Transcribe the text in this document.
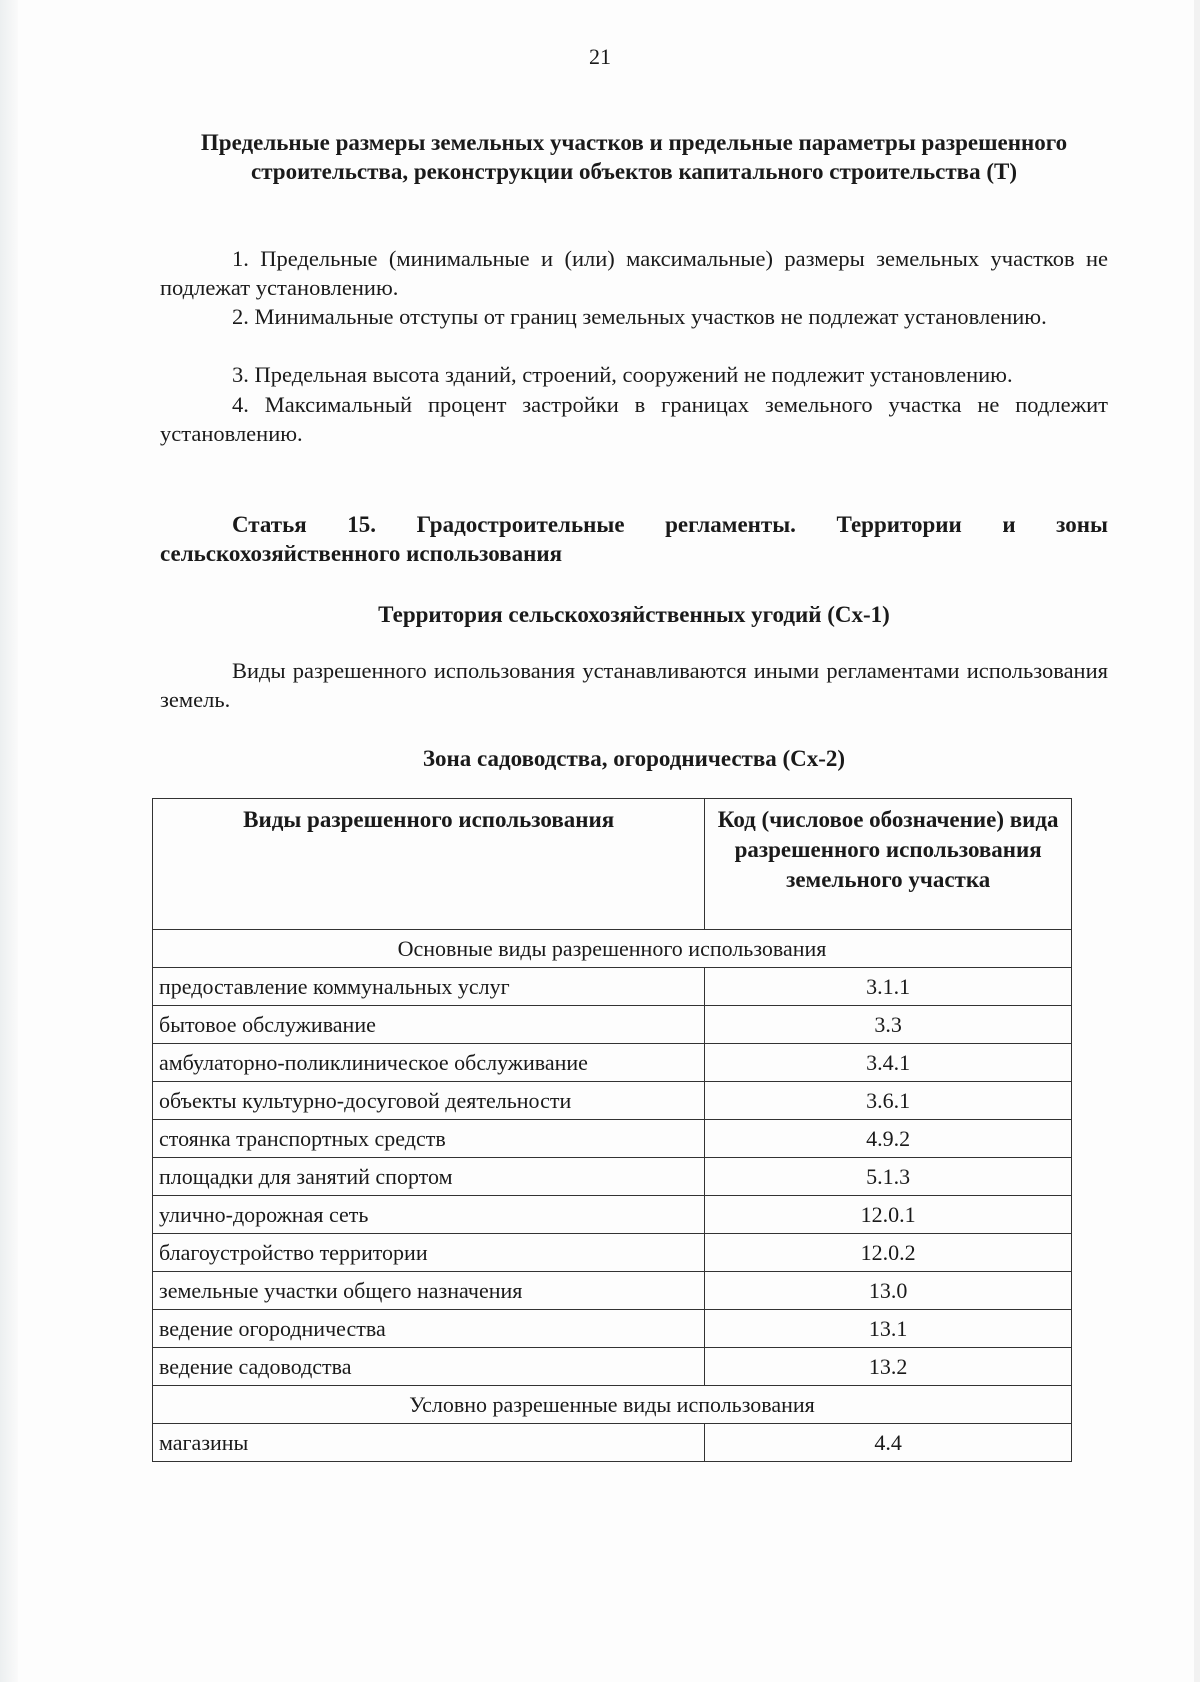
21
Предельные размеры земельных участков и предельные параметры разрешенного строительства, реконструкции объектов капитального строительства (Т)
1. Предельные (минимальные и (или) максимальные) размеры земельных участков не подлежат установлению.
2. Минимальные отступы от границ земельных участков не подлежат установлению.
3. Предельная высота зданий, строений, сооружений не подлежит установлению.
4. Максимальный процент застройки в границах земельного участка не подлежит установлению.
Статья 15. Градостроительные регламенты. Территории и зоны сельскохозяйственного использования
Территория сельскохозяйственных угодий (Сх-1)
Виды разрешенного использования устанавливаются иными регламентами использования земель.
Зона садоводства, огородничества (Сх-2)
Виды разрешенного использования	Код (числовое обозначение) вида разрешенного использования земельного участка
Основные виды разрешенного использования	
предоставление коммунальных услуг	3.1.1
бытовое обслуживание	3.3
амбулаторно-поликлиническое обслуживание	3.4.1
объекты культурно-досуговой деятельности	3.6.1
стоянка транспортных средств	4.9.2
площадки для занятий спортом	5.1.3
улично-дорожная сеть	12.0.1
благоустройство территории	12.0.2
земельные участки общего назначения	13.0
ведение огородничества	13.1
ведение садоводства	13.2
Условно разрешенные виды использования	
магазины	4.4
